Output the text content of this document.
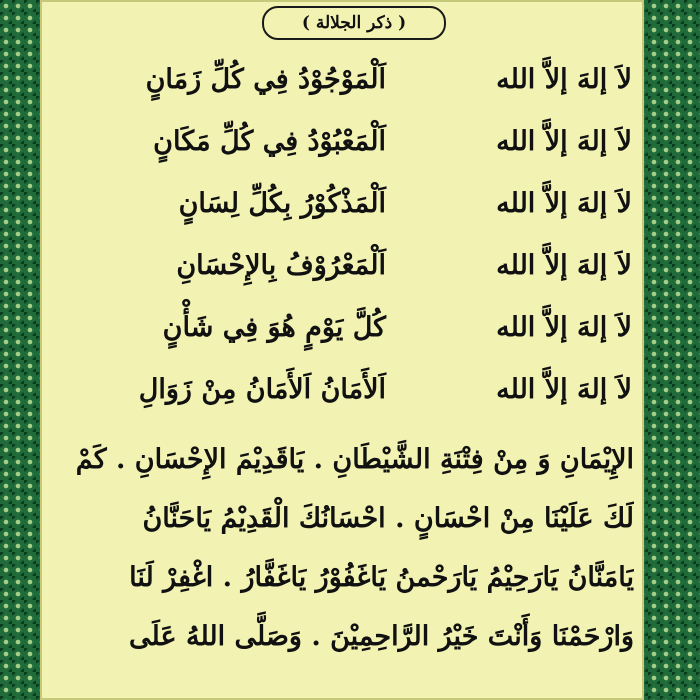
( ذكر الجلالة )
لاَ إلهَ إلاَّ الله
اَلْمَوْجُوْدُ فِي كُلِّ زَمَانٍ
لاَ إلهَ إلاَّ الله
اَلْمَعْبُوْدُ فِي كُلِّ مَكَانٍ
لاَ إلهَ إلاَّ الله
اَلْمَذْكُوْرُ بِكُلِّ لِسَانٍ
لاَ إلهَ إلاَّ الله
اَلْمَعْرُوْفُ بِالإِحْسَانِ
لاَ إلهَ إلاَّ الله
كُلَّ يَوْمٍ هُوَ فِي شَأْنٍ
لاَ إلهَ إلاَّ الله
اَلأَمَانُ اَلأَمَانُ مِنْ زَوَالِ
الإِيْمَانِ وَ مِنْ فِتْنَةِ الشَّيْطَانِ . يَاقَدِيْمَ الإِحْسَانِ . كَمْ
لَكَ عَلَيْنَا مِنْ احْسَانٍ . احْسَانُكَ الْقَدِيْمُ يَاحَنَّانُ
يَامَنَّانُ يَارَحِيْمُ يَارَحْمنُ يَاغَفُوْرُ يَاغَفَّارُ . اغْفِرْ لَنَا
وَارْحَمْنَا وَأَنْتَ خَيْرُ الرَّاحِمِيْنَ . وَصَلَّى اللهُ عَلَى
